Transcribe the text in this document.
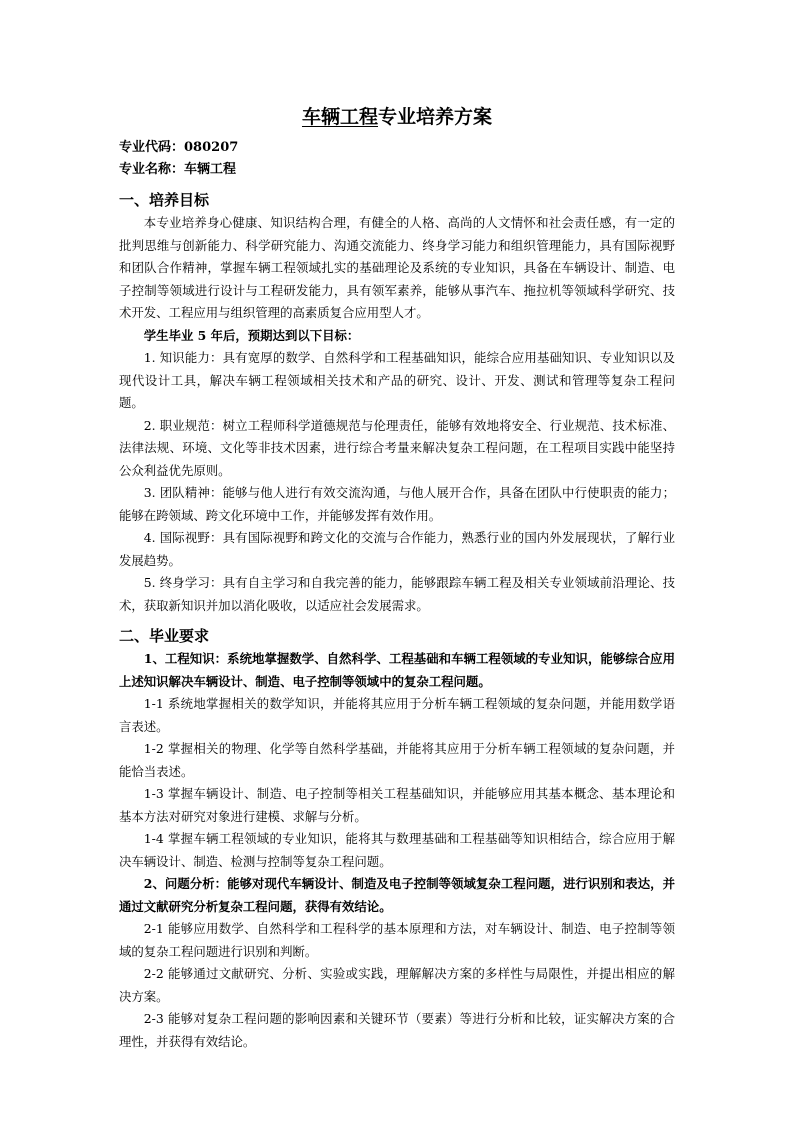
车辆工程专业培养方案

专业代码：080207

专业名称：车辆工程

一、培养目标

本专业培养身心健康、知识结构合理，有健全的人格、高尚的人文情怀和社会责任感，有一定的批判思维与创新能力、科学研究能力、沟通交流能力、终身学习能力和组织管理能力，具有国际视野和团队合作精神，掌握车辆工程领域扎实的基础理论及系统的专业知识，具备在车辆设计、制造、电子控制等领域进行设计与工程研发能力，具有领军素养，能够从事汽车、拖拉机等领域科学研究、技术开发、工程应用与组织管理的高素质复合应用型人才。

学生毕业 5 年后，预期达到以下目标：

1. 知识能力：具有宽厚的数学、自然科学和工程基础知识，能综合应用基础知识、专业知识以及现代设计工具，解决车辆工程领域相关技术和产品的研究、设计、开发、测试和管理等复杂工程问题。

2. 职业规范：树立工程师科学道德规范与伦理责任，能够有效地将安全、行业规范、技术标准、法律法规、环境、文化等非技术因素，进行综合考量来解决复杂工程问题，在工程项目实践中能坚持公众利益优先原则。

3. 团队精神：能够与他人进行有效交流沟通，与他人展开合作，具备在团队中行使职责的能力；能够在跨领域、跨文化环境中工作，并能够发挥有效作用。

4. 国际视野：具有国际视野和跨文化的交流与合作能力，熟悉行业的国内外发展现状，了解行业发展趋势。

5. 终身学习：具有自主学习和自我完善的能力，能够跟踪车辆工程及相关专业领域前沿理论、技术，获取新知识并加以消化吸收，以适应社会发展需求。

二、毕业要求

1、工程知识：系统地掌握数学、自然科学、工程基础和车辆工程领域的专业知识，能够综合应用上述知识解决车辆设计、制造、电子控制等领域中的复杂工程问题。

1-1 系统地掌握相关的数学知识，并能将其应用于分析车辆工程领域的复杂问题，并能用数学语言表述。

1-2 掌握相关的物理、化学等自然科学基础，并能将其应用于分析车辆工程领域的复杂问题，并能恰当表述。

1-3 掌握车辆设计、制造、电子控制等相关工程基础知识，并能够应用其基本概念、基本理论和基本方法对研究对象进行建模、求解与分析。

1-4 掌握车辆工程领域的专业知识，能将其与数理基础和工程基础等知识相结合，综合应用于解决车辆设计、制造、检测与控制等复杂工程问题。

2、问题分析：能够对现代车辆设计、制造及电子控制等领域复杂工程问题，进行识别和表达，并通过文献研究分析复杂工程问题，获得有效结论。

2-1 能够应用数学、自然科学和工程科学的基本原理和方法，对车辆设计、制造、电子控制等领域的复杂工程问题进行识别和判断。

2-2 能够通过文献研究、分析、实验或实践，理解解决方案的多样性与局限性，并提出相应的解决方案。

2-3 能够对复杂工程问题的影响因素和关键环节（要素）等进行分析和比较，证实解决方案的合理性，并获得有效结论。
